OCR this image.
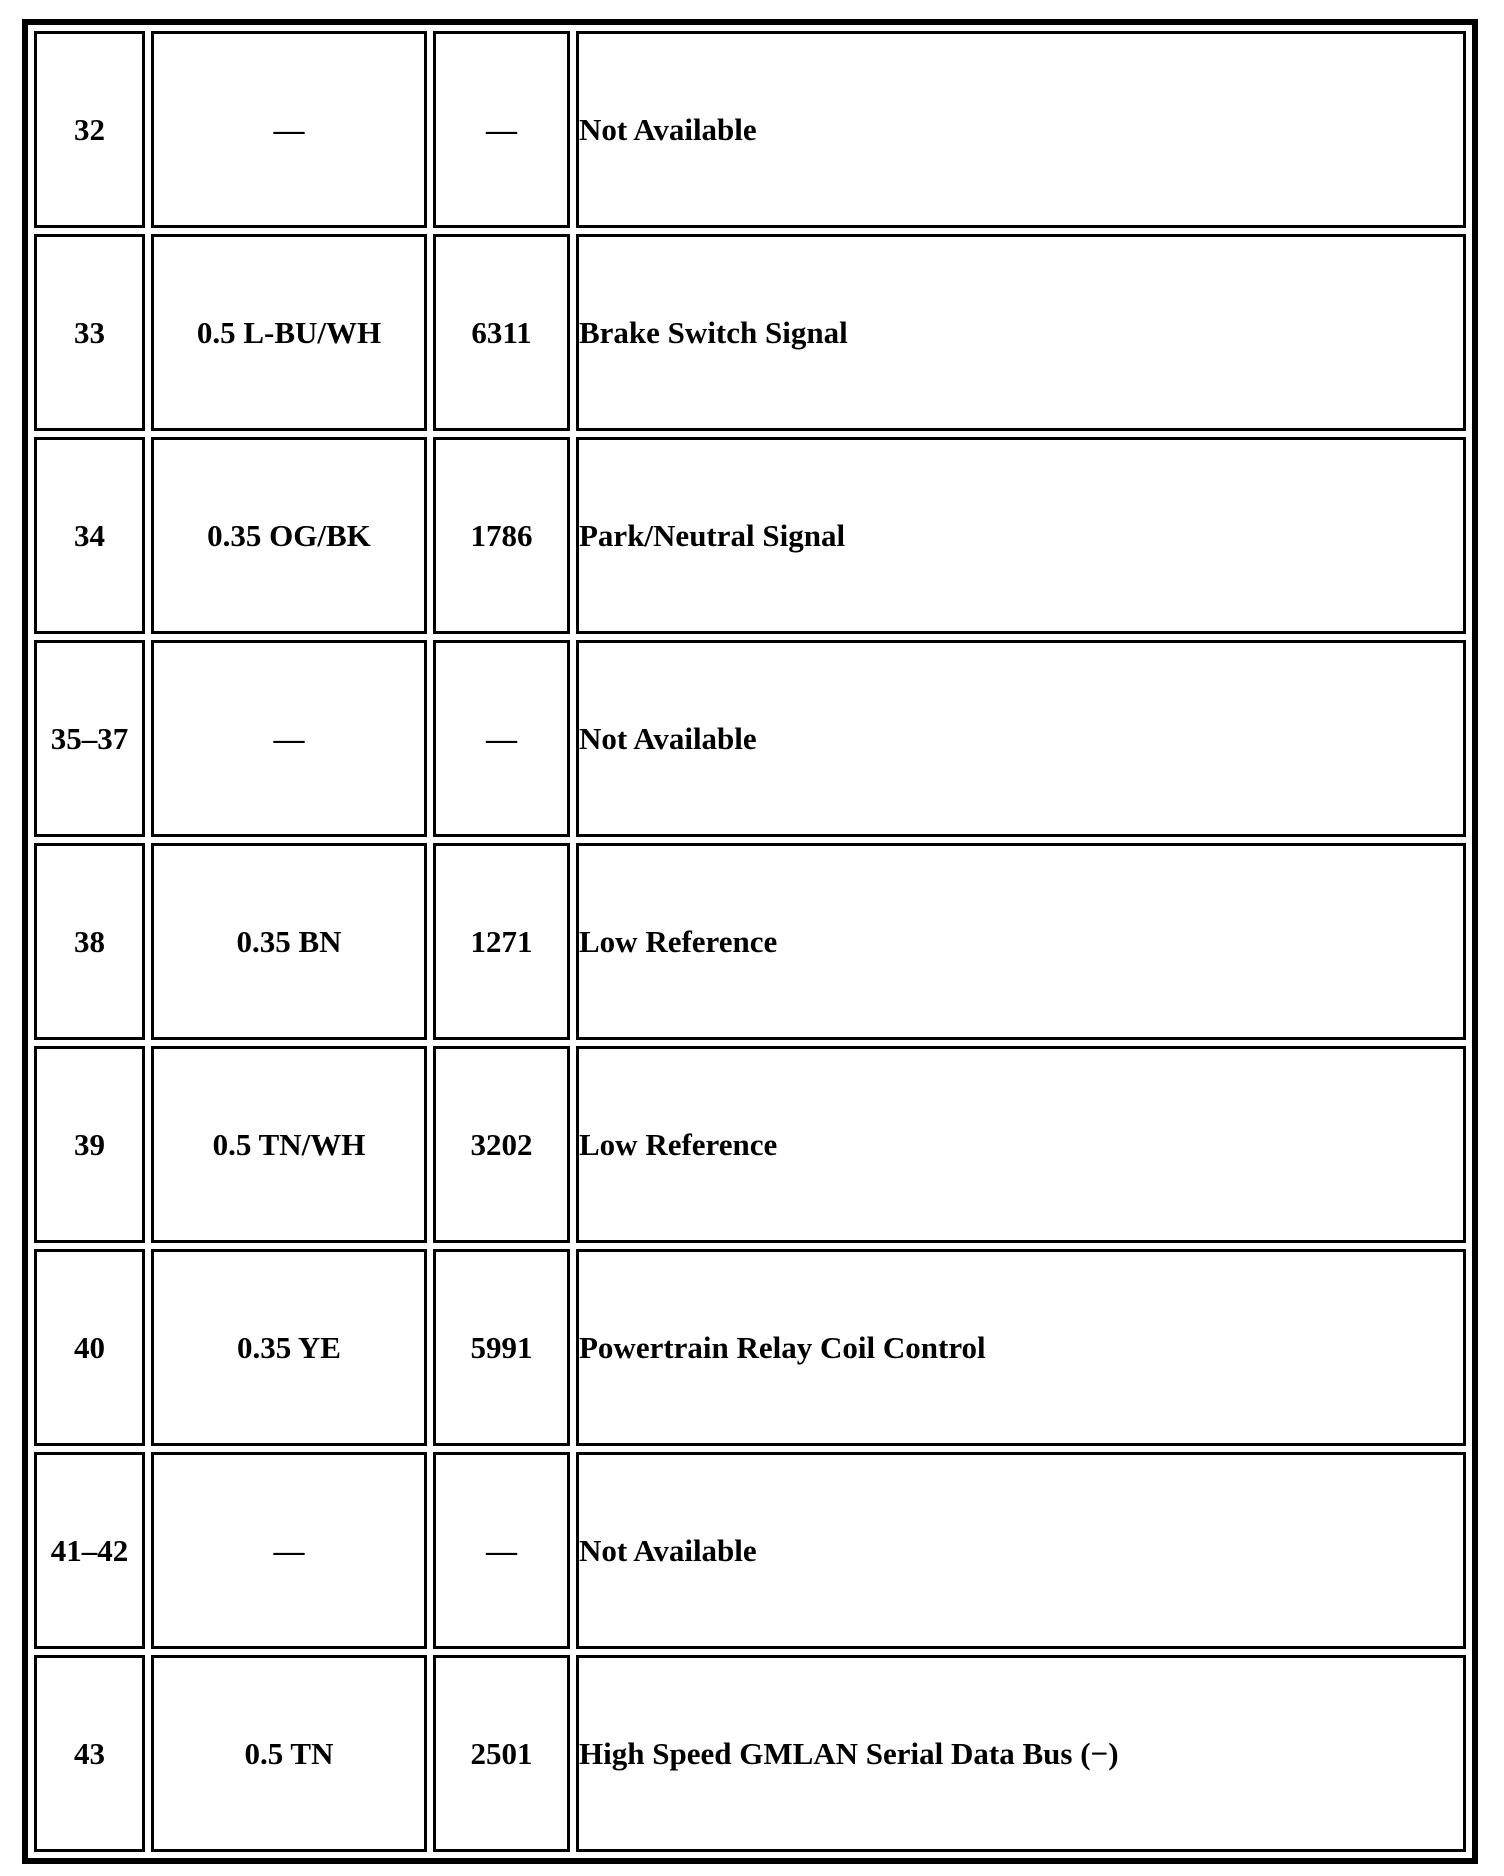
32	—	—	Not Available
33	0.5 L-BU/WH	6311	Brake Switch Signal
34	0.35 OG/BK	1786	Park/Neutral Signal
35–37	—	—	Not Available
38	0.35 BN	1271	Low Reference
39	0.5 TN/WH	3202	Low Reference
40	0.35 YE	5991	Powertrain Relay Coil Control
41–42	—	—	Not Available
43	0.5 TN	2501	High Speed GMLAN Serial Data Bus (−)
